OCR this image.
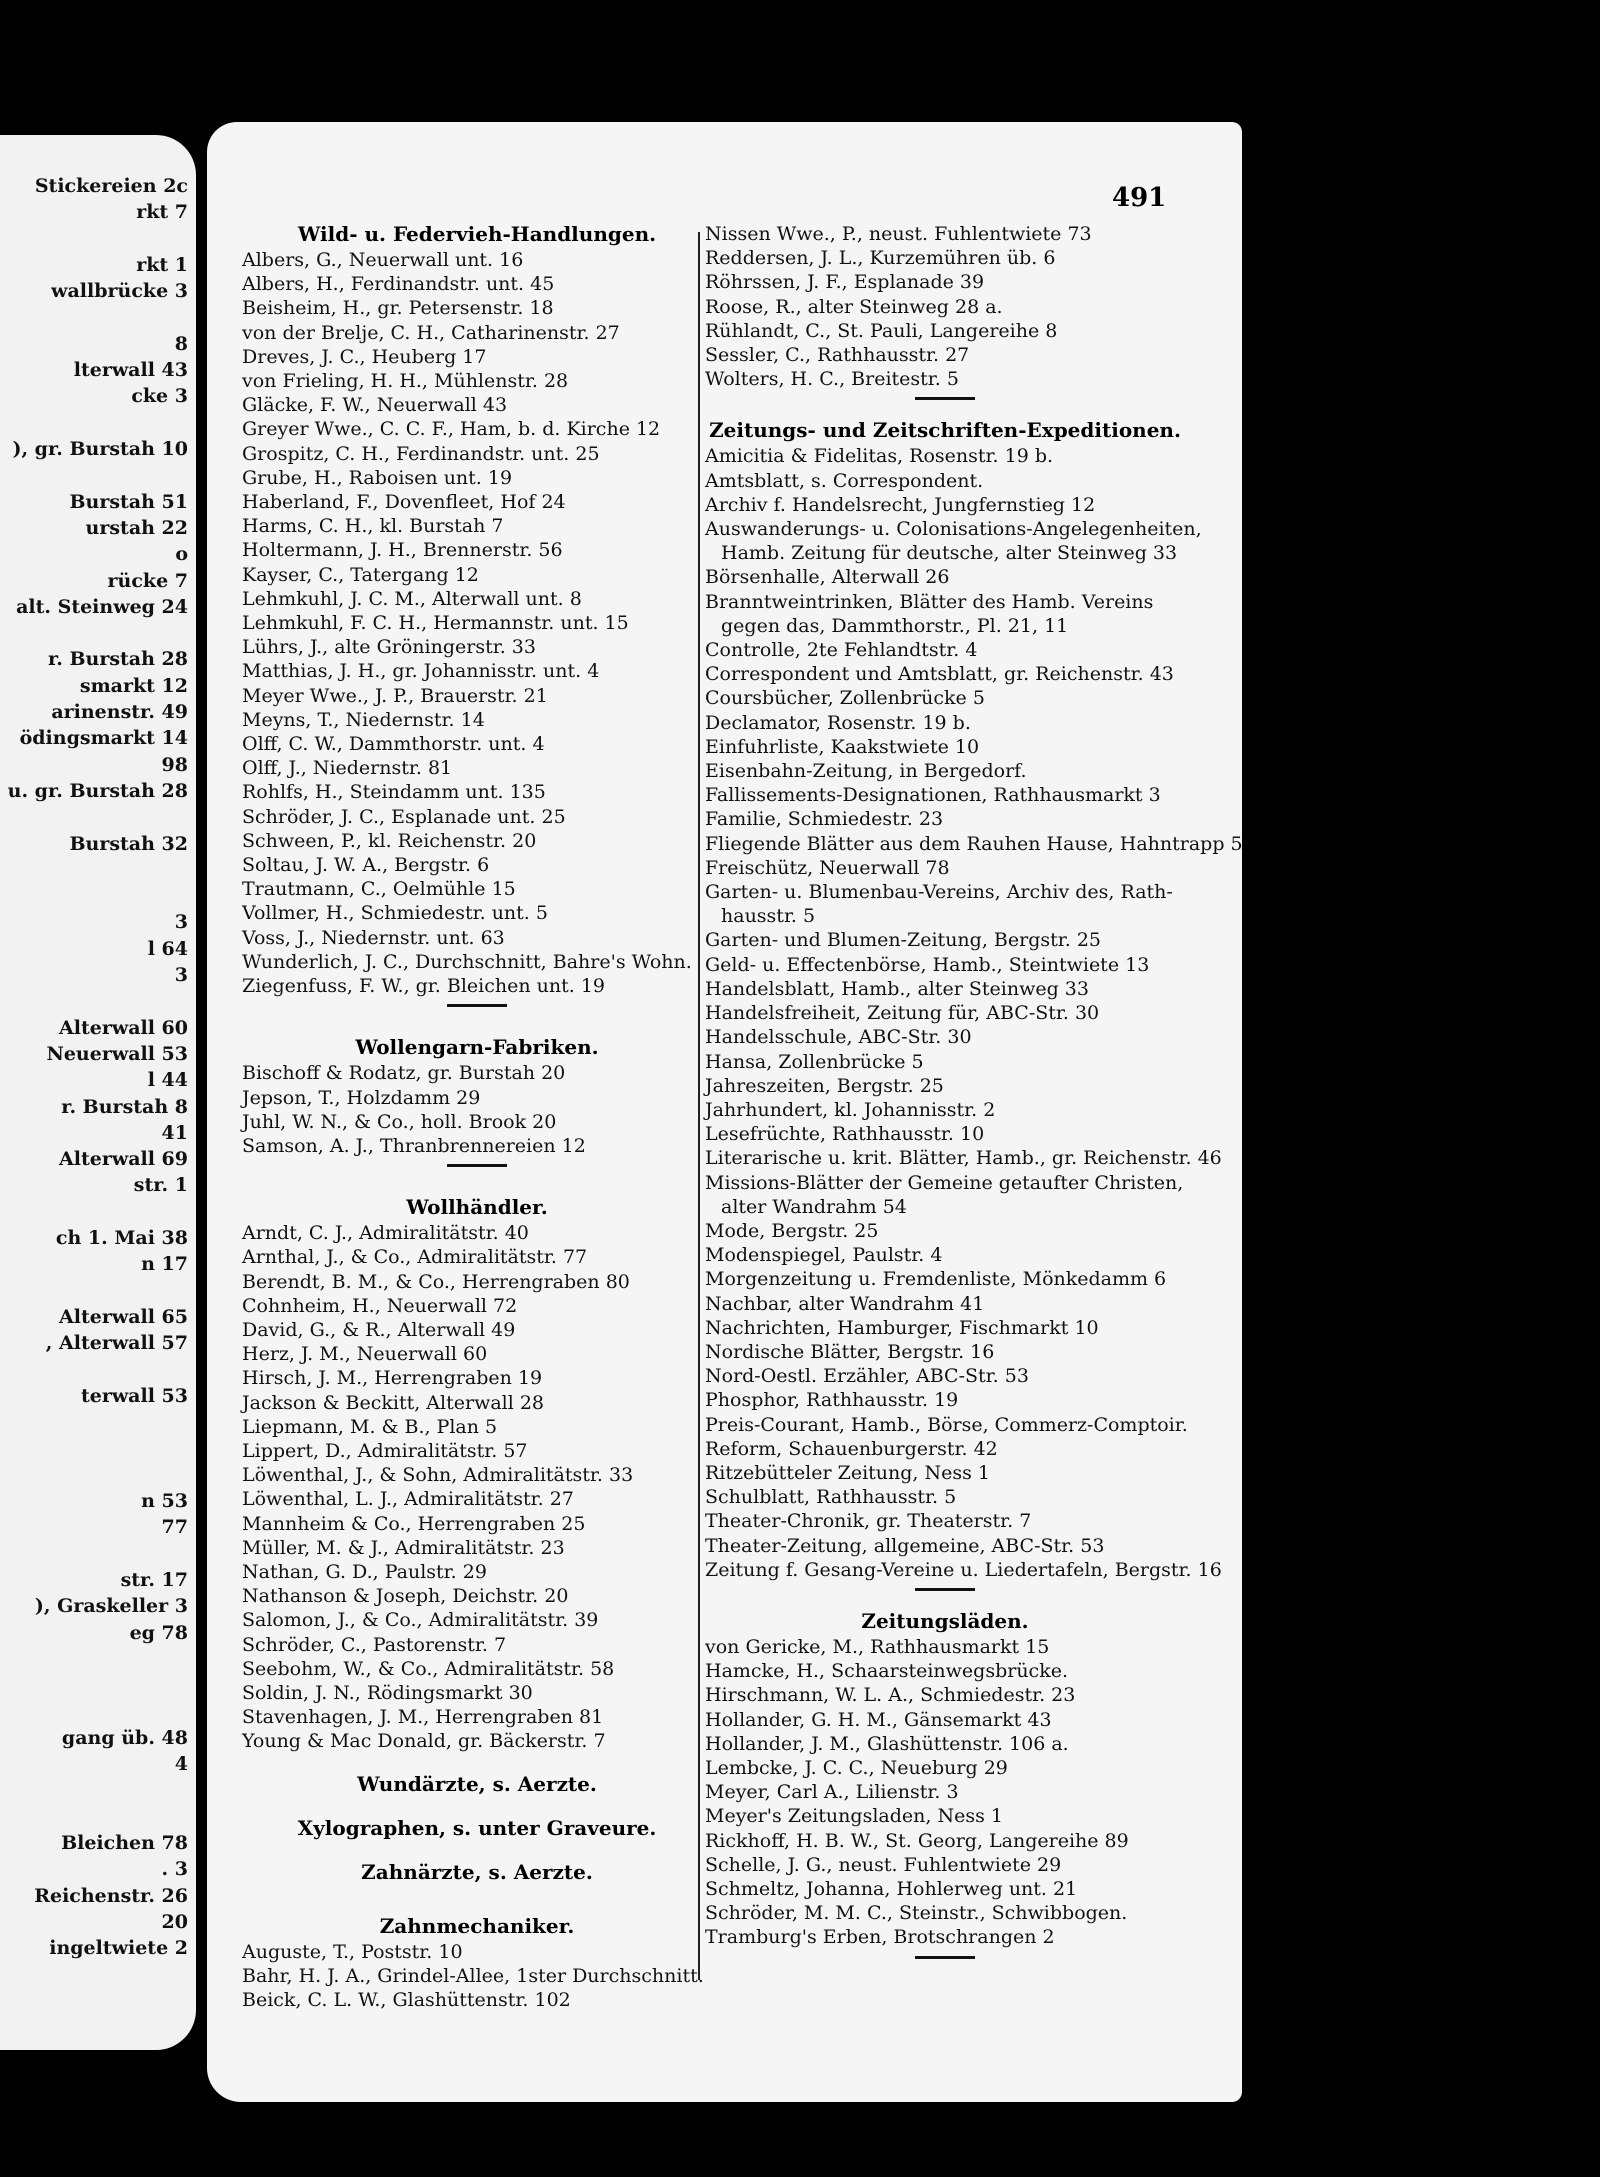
Stickereien 2c
rkt 7
rkt 1
wallbrücke 3
8
lterwall 43
cke 3
), gr. Burstah 10
Burstah 51
urstah 22
o
rücke 7
alt. Steinweg 24
r. Burstah 28
smarkt 12
arinenstr. 49
ödingsmarkt 14
98
u. gr. Burstah 28
Burstah 32
3
l 64
3
Alterwall 60
Neuerwall 53
l 44
r. Burstah 8
41
Alterwall 69
str. 1
ch 1. Mai 38
n 17
Alterwall 65
, Alterwall 57
terwall 53
n 53
77
str. 17
), Graskeller 3
eg 78
gang üb. 48
4
Bleichen 78
. 3
Reichenstr. 26
20
ingeltwiete 2
491
Wild- u. Federvieh-Handlungen.
Albers, G., Neuerwall unt. 16
Albers, H., Ferdinandstr. unt. 45
Beisheim, H., gr. Petersenstr. 18
von der Brelje, C. H., Catharinenstr. 27
Dreves, J. C., Heuberg 17
von Frieling, H. H., Mühlenstr. 28
Gläcke, F. W., Neuerwall 43
Greyer Wwe., C. C. F., Ham, b. d. Kirche 12
Grospitz, C. H., Ferdinandstr. unt. 25
Grube, H., Raboisen unt. 19
Haberland, F., Dovenfleet, Hof 24
Harms, C. H., kl. Burstah 7
Holtermann, J. H., Brennerstr. 56
Kayser, C., Tatergang 12
Lehmkuhl, J. C. M., Alterwall unt. 8
Lehmkuhl, F. C. H., Hermannstr. unt. 15
Lührs, J., alte Gröningerstr. 33
Matthias, J. H., gr. Johannisstr. unt. 4
Meyer Wwe., J. P., Brauerstr. 21
Meyns, T., Niedernstr. 14
Olff, C. W., Dammthorstr. unt. 4
Olff, J., Niedernstr. 81
Rohlfs, H., Steindamm unt. 135
Schröder, J. C., Esplanade unt. 25
Schween, P., kl. Reichenstr. 20
Soltau, J. W. A., Bergstr. 6
Trautmann, C., Oelmühle 15
Vollmer, H., Schmiedestr. unt. 5
Voss, J., Niedernstr. unt. 63
Wunderlich, J. C., Durchschnitt, Bahre's Wohn.
Ziegenfuss, F. W., gr. Bleichen unt. 19
Wollengarn-Fabriken.
Bischoff & Rodatz, gr. Burstah 20
Jepson, T., Holzdamm 29
Juhl, W. N., & Co., holl. Brook 20
Samson, A. J., Thranbrennereien 12
Wollhändler.
Arndt, C. J., Admiralitätstr. 40
Arnthal, J., & Co., Admiralitätstr. 77
Berendt, B. M., & Co., Herrengraben 80
Cohnheim, H., Neuerwall 72
David, G., & R., Alterwall 49
Herz, J. M., Neuerwall 60
Hirsch, J. M., Herrengraben 19
Jackson & Beckitt, Alterwall 28
Liepmann, M. & B., Plan 5
Lippert, D., Admiralitätstr. 57
Löwenthal, J., & Sohn, Admiralitätstr. 33
Löwenthal, L. J., Admiralitätstr. 27
Mannheim & Co., Herrengraben 25
Müller, M. & J., Admiralitätstr. 23
Nathan, G. D., Paulstr. 29
Nathanson & Joseph, Deichstr. 20
Salomon, J., & Co., Admiralitätstr. 39
Schröder, C., Pastorenstr. 7
Seebohm, W., & Co., Admiralitätstr. 58
Soldin, J. N., Rödingsmarkt 30
Stavenhagen, J. M., Herrengraben 81
Young & Mac Donald, gr. Bäckerstr. 7
Wundärzte, s. Aerzte.
Xylographen, s. unter Graveure.
Zahnärzte, s. Aerzte.
Zahnmechaniker.
Auguste, T., Poststr. 10
Bahr, H. J. A., Grindel-Allee, 1ster Durchschnitt.
Beick, C. L. W., Glashüttenstr. 102
Nissen Wwe., P., neust. Fuhlentwiete 73
Reddersen, J. L., Kurzemühren üb. 6
Röhrssen, J. F., Esplanade 39
Roose, R., alter Steinweg 28 a.
Rühlandt, C., St. Pauli, Langereihe 8
Sessler, C., Rathhausstr. 27
Wolters, H. C., Breitestr. 5
Zeitungs- und Zeitschriften-Expeditionen.
Amicitia & Fidelitas, Rosenstr. 19 b.
Amtsblatt, s. Correspondent.
Archiv f. Handelsrecht, Jungfernstieg 12
Auswanderungs- u. Colonisations-Angelegenheiten,
Hamb. Zeitung für deutsche, alter Steinweg 33
Börsenhalle, Alterwall 26
Branntweintrinken, Blätter des Hamb. Vereins
gegen das, Dammthorstr., Pl. 21, 11
Controlle, 2te Fehlandtstr. 4
Correspondent und Amtsblatt, gr. Reichenstr. 43
Coursbücher, Zollenbrücke 5
Declamator, Rosenstr. 19 b.
Einfuhrliste, Kaakstwiete 10
Eisenbahn-Zeitung, in Bergedorf.
Fallissements-Designationen, Rathhausmarkt 3
Familie, Schmiedestr. 23
Fliegende Blätter aus dem Rauhen Hause, Hahntrapp 5
Freischütz, Neuerwall 78
Garten- u. Blumenbau-Vereins, Archiv des, Rath-
hausstr. 5
Garten- und Blumen-Zeitung, Bergstr. 25
Geld- u. Effectenbörse, Hamb., Steintwiete 13
Handelsblatt, Hamb., alter Steinweg 33
Handelsfreiheit, Zeitung für, ABC-Str. 30
Handelsschule, ABC-Str. 30
Hansa, Zollenbrücke 5
Jahreszeiten, Bergstr. 25
Jahrhundert, kl. Johannisstr. 2
Lesefrüchte, Rathhausstr. 10
Literarische u. krit. Blätter, Hamb., gr. Reichenstr. 46
Missions-Blätter der Gemeine getaufter Christen,
alter Wandrahm 54
Mode, Bergstr. 25
Modenspiegel, Paulstr. 4
Morgenzeitung u. Fremdenliste, Mönkedamm 6
Nachbar, alter Wandrahm 41
Nachrichten, Hamburger, Fischmarkt 10
Nordische Blätter, Bergstr. 16
Nord-Oestl. Erzähler, ABC-Str. 53
Phosphor, Rathhausstr. 19
Preis-Courant, Hamb., Börse, Commerz-Comptoir.
Reform, Schauenburgerstr. 42
Ritzebütteler Zeitung, Ness 1
Schulblatt, Rathhausstr. 5
Theater-Chronik, gr. Theaterstr. 7
Theater-Zeitung, allgemeine, ABC-Str. 53
Zeitung f. Gesang-Vereine u. Liedertafeln, Bergstr. 16
Zeitungsläden.
von Gericke, M., Rathhausmarkt 15
Hamcke, H., Schaarsteinwegsbrücke.
Hirschmann, W. L. A., Schmiedestr. 23
Hollander, G. H. M., Gänsemarkt 43
Hollander, J. M., Glashüttenstr. 106 a.
Lembcke, J. C. C., Neueburg 29
Meyer, Carl A., Lilienstr. 3
Meyer's Zeitungsladen, Ness 1
Rickhoff, H. B. W., St. Georg, Langereihe 89
Schelle, J. G., neust. Fuhlentwiete 29
Schmeltz, Johanna, Hohlerweg unt. 21
Schröder, M. M. C., Steinstr., Schwibbogen.
Tramburg's Erben, Brotschrangen 2
